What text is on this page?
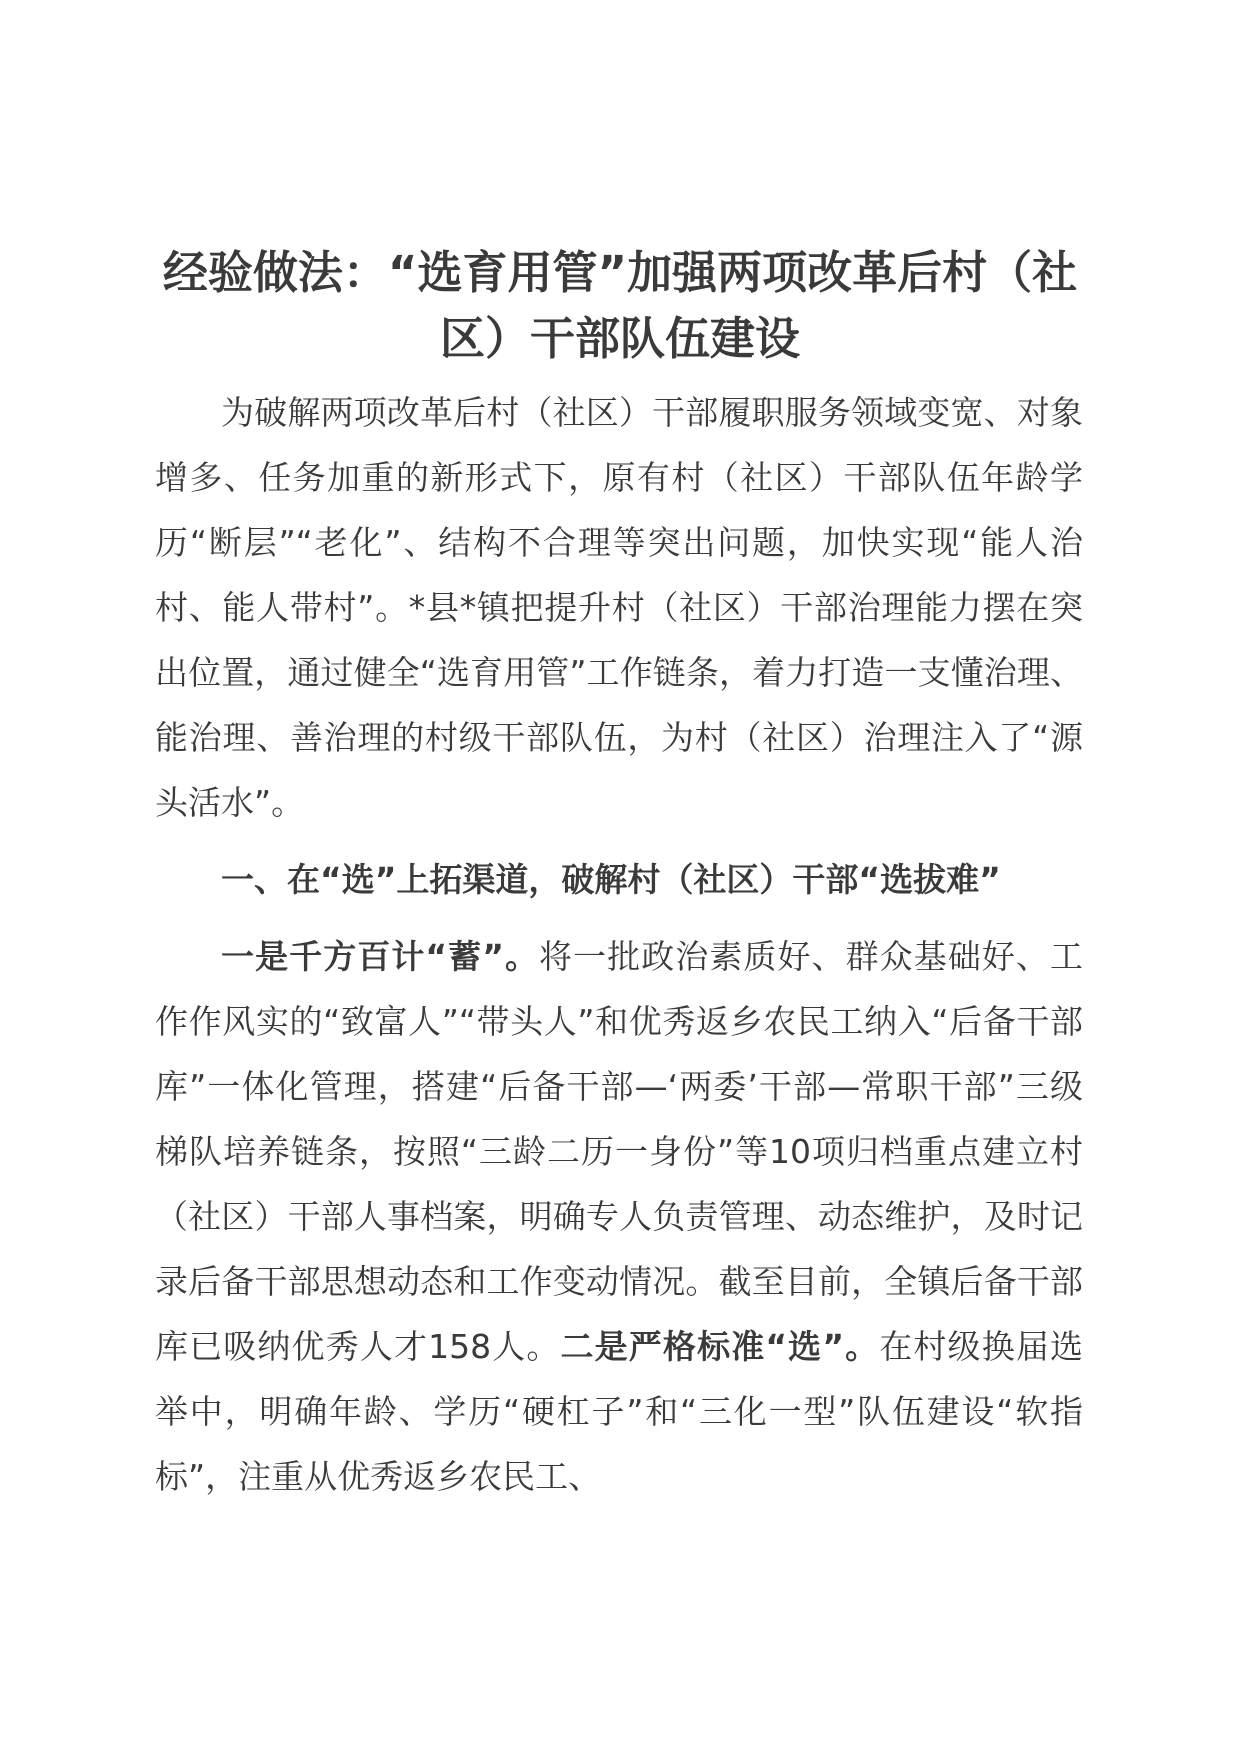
经验做法：“选育用管”加强两项改革后村（社区）干部队伍建设

为破解两项改革后村（社区）干部履职服务领域变宽、对象增多、任务加重的新形式下，原有村（社区）干部队伍年龄学历“断层”“老化”、结构不合理等突出问题，加快实现“能人治村、能人带村”。*县*镇把提升村（社区）干部治理能力摆在突出位置，通过健全“选育用管”工作链条，着力打造一支懂治理、能治理、善治理的村级干部队伍，为村（社区）治理注入了“源头活水”。

一、在“选”上拓渠道，破解村（社区）干部“选拔难”

一是千方百计“蓄”。将一批政治素质好、群众基础好、工作作风实的“致富人”“带头人”和优秀返乡农民工纳入“后备干部库”一体化管理，搭建“后备干部—‘两委’干部—常职干部”三级梯队培养链条，按照“三龄二历一身份”等10项归档重点建立村（社区）干部人事档案，明确专人负责管理、动态维护，及时记录后备干部思想动态和工作变动情况。截至目前，全镇后备干部库已吸纳优秀人才158人。二是严格标准“选”。在村级换届选举中，明确年龄、学历“硬杠子”和“三化一型”队伍建设“软指标”，注重从优秀返乡农民工、
